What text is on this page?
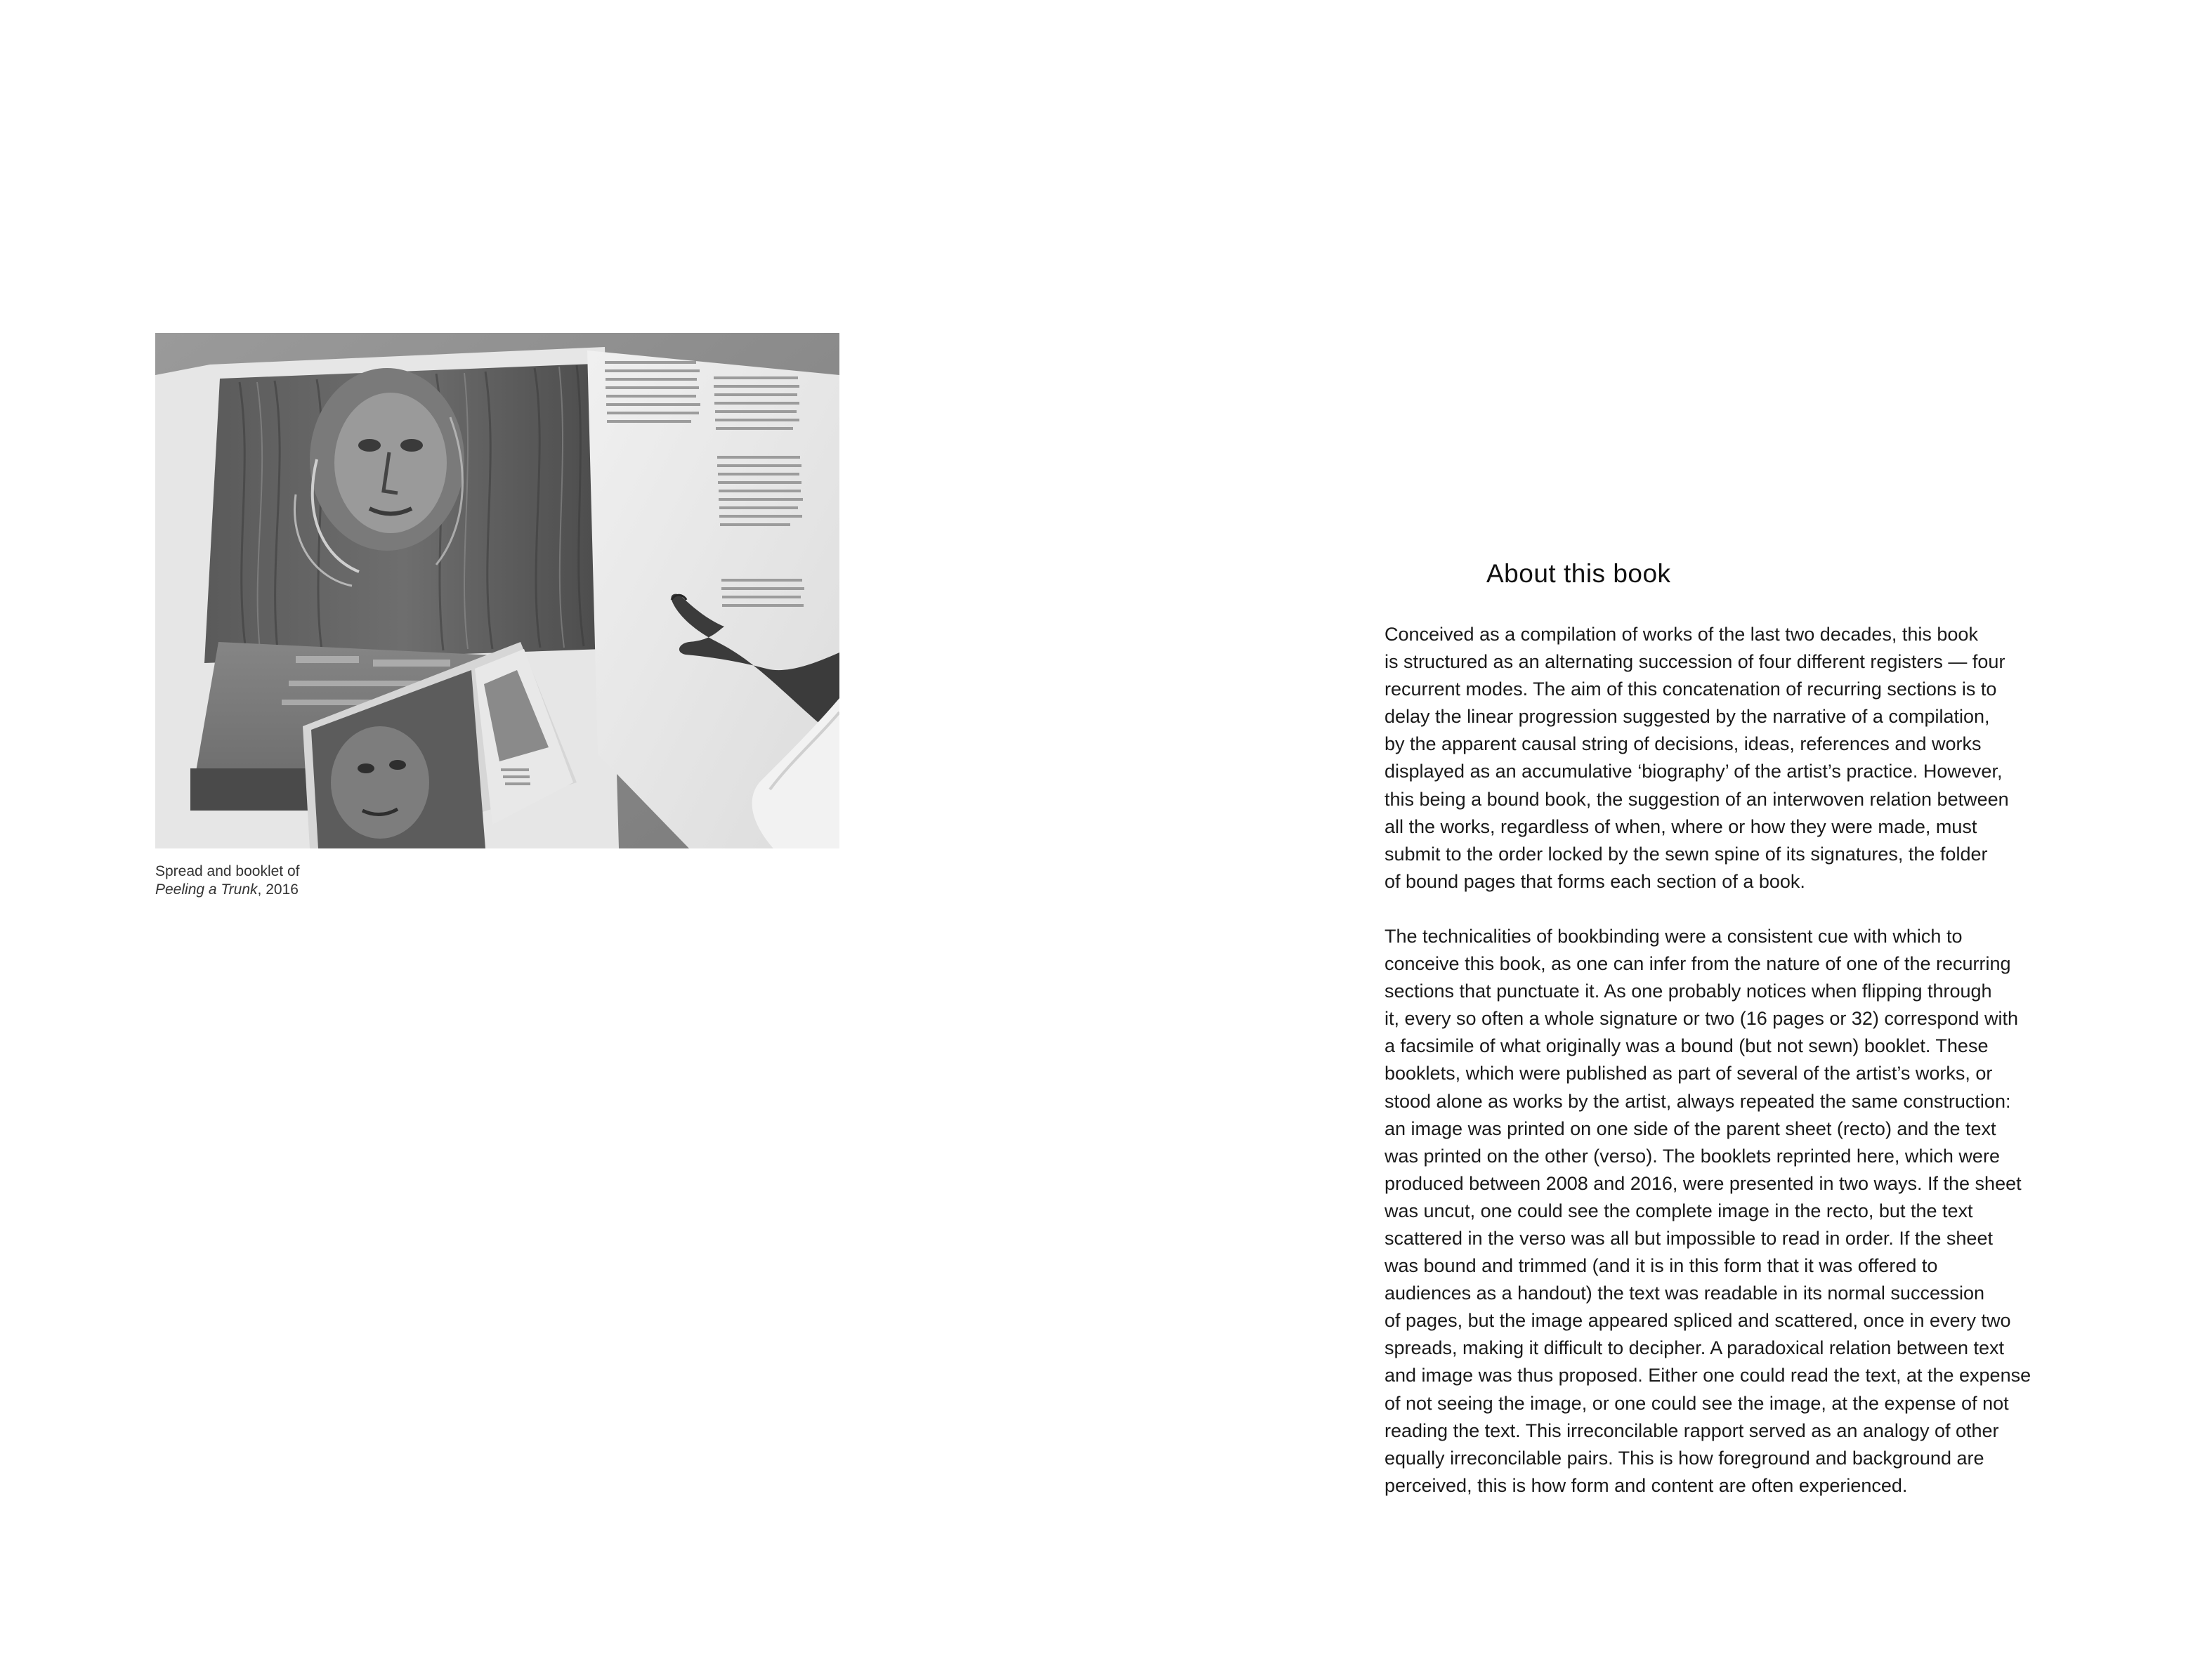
Spread and booklet of
Peeling a Trunk, 2016
About this book

Conceived as a compilation of works of the last two decades, this book
is structured as an alternating succession of four different registers — four
recurrent modes. The aim of this concatenation of recurring sections is to
delay the linear progression suggested by the narrative of a compilation,
by the apparent causal string of decisions, ideas, references and works
displayed as an accumulative ‘biography’ of the artist’s practice. However,
this being a bound book, the suggestion of an interwoven relation between
all the works, regardless of when, where or how they were made, must
submit to the order locked by the sewn spine of its signatures, the folder
of bound pages that forms each section of a book.

The technicalities of bookbinding were a consistent cue with which to
conceive this book, as one can infer from the nature of one of the recurring
sections that punctuate it. As one probably notices when flipping through
it, every so often a whole signature or two (16 pages or 32) correspond with
a facsimile of what originally was a bound (but not sewn) booklet. These
booklets, which were published as part of several of the artist’s works, or
stood alone as works by the artist, always repeated the same construction:
an image was printed on one side of the parent sheet (recto) and the text
was printed on the other (verso). The booklets reprinted here, which were
produced between 2008 and 2016, were presented in two ways. If the sheet
was uncut, one could see the complete image in the recto, but the text
scattered in the verso was all but impossible to read in order. If the sheet
was bound and trimmed (and it is in this form that it was offered to
audiences as a handout) the text was readable in its normal succession
of pages, but the image appeared spliced and scattered, once in every two
spreads, making it difficult to decipher. A paradoxical relation between text
and image was thus proposed. Either one could read the text, at the expense
of not seeing the image, or one could see the image, at the expense of not
reading the text. This irreconcilable rapport served as an analogy of other
equally irreconcilable pairs. This is how foreground and background are
perceived, this is how form and content are often experienced.
